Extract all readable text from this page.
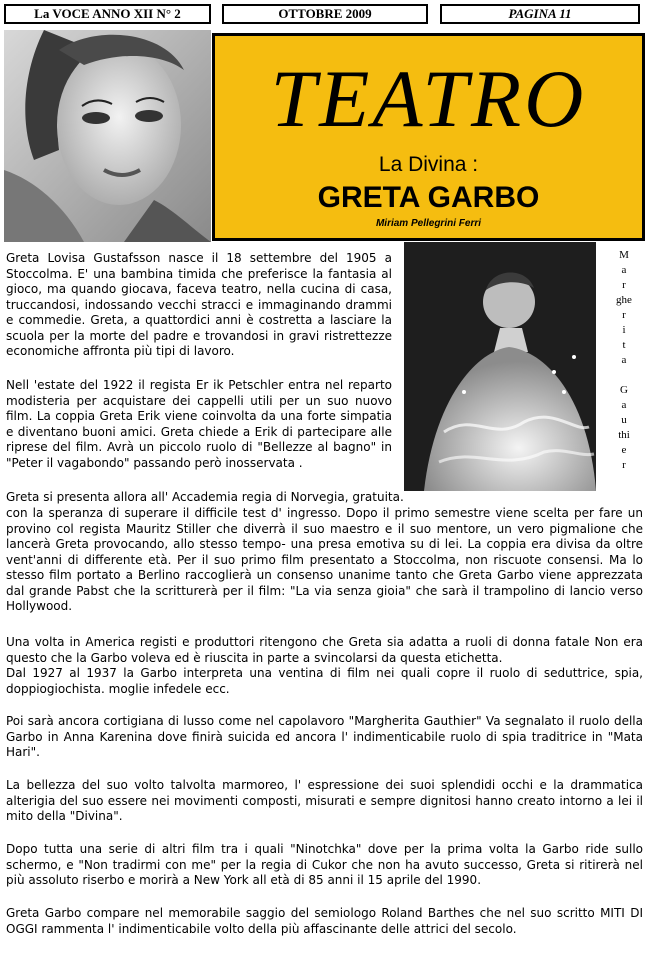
La VOCE ANNO XII N° 2	OTTOBRE 2009	PAGINA 11
TEATRO
La Divina :
GRETA GARBO
Miriam Pellegrini Ferri
M
a
r
ghe
r
i
t
a

G
a
u
thi
e
r

Greta Lovisa Gustafsson nasce il 18 settembre del 1905 a Stoccolma. E' una bambina timida che preferisce la fantasia al gioco, ma quando giocava, faceva teatro, nella cucina di casa, truccandosi, indossando vecchi stracci e immaginando drammi e commedie. Greta, a quattordici anni è costretta a lasciare la scuola per la morte del padre e trovandosi in gravi ristrettezze economiche affronta più tipi di lavoro.

Nell 'estate del 1922 il regista Er ik Petschler entra nel reparto modisteria per acquistare dei cappelli utili per un suo nuovo film. La coppia Greta Erik viene coinvolta da una forte simpatia e diventano buoni amici. Greta chiede a Erik di partecipare alle riprese del film. Avrà un piccolo ruolo di "Bellezze al bagno" in "Peter il vagabondo" passando però inosservata .

Greta si presenta allora all' Accademia regia di Norvegia, gratuita.

con la speranza di superare il difficile test d' ingresso. Dopo il primo semestre viene scelta per fare un provino col regista Mauritz Stiller che diverrà il suo maestro e il suo mentore, un vero pigmalione che lancerà Greta provocando, allo stesso tempo- una presa emotiva su di lei. La coppia era divisa da oltre vent'anni di differente età. Per il suo primo film presentato a Stoccolma, non riscuote consensi. Ma lo stesso film portato a Berlino raccoglierà un consenso unanime tanto che Greta Garbo viene apprezzata dal grande Pabst che la scritturerà per il film: "La via senza gioia" che sarà il trampolino di lancio verso Hollywood.

Una volta in America registi e produttori ritengono che Greta sia adatta a ruoli di donna fatale Non era questo che la Garbo voleva ed è riuscita in parte a svincolarsi da questa etichetta.

Dal 1927 al 1937 la Garbo interpreta una ventina di film nei quali copre il ruolo di seduttrice, spia, doppiogiochista. moglie infedele ecc.

Poi sarà ancora cortigiana di lusso come nel capolavoro "Margherita Gauthier" Va segnalato il ruolo della Garbo in Anna Karenina dove finirà suicida ed ancora l' indimenticabile ruolo di spia traditrice in "Mata Hari".

La bellezza del suo volto talvolta marmoreo, l' espressione dei suoi splendidi occhi e la drammatica alterigia del suo essere nei movimenti composti, misurati e sempre dignitosi hanno creato intorno a lei il mito della "Divina".

Dopo tutta una serie di altri film tra i quali "Ninotchka" dove per la prima volta la Garbo ride sullo schermo, e "Non tradirmi con me" per la regia di Cukor che non ha avuto successo, Greta si ritirerà nel più assoluto riserbo e morirà a New York all età di 85 anni il 15 aprile del 1990.

Greta Garbo compare nel memorabile saggio del semiologo Roland Barthes che nel suo scritto MITI DI OGGI rammenta l' indimenticabile volto della più affascinante delle attrici del secolo.
